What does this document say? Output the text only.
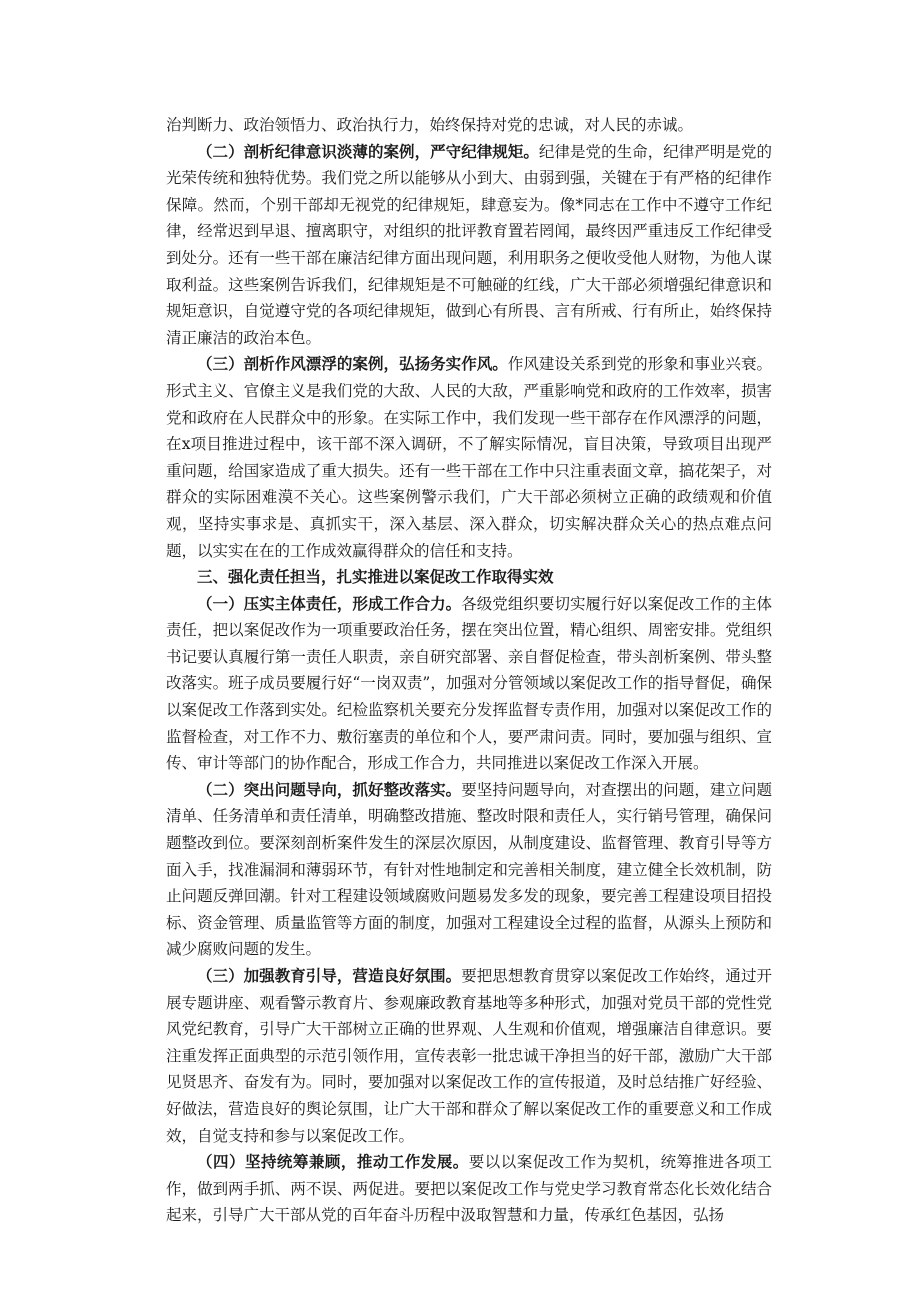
治判断力、政治领悟力、政治执行力，始终保持对党的忠诚，对人民的赤诚。

（二）剖析纪律意识淡薄的案例，严守纪律规矩。纪律是党的生命，纪律严明是党的光荣传统和独特优势。我们党之所以能够从小到大、由弱到强，关键在于有严格的纪律作保障。然而，个别干部却无视党的纪律规矩，肆意妄为。像*同志在工作中不遵守工作纪律，经常迟到早退、擅离职守，对组织的批评教育置若罔闻，最终因严重违反工作纪律受到处分。还有一些干部在廉洁纪律方面出现问题，利用职务之便收受他人财物，为他人谋取利益。这些案例告诉我们，纪律规矩是不可触碰的红线，广大干部必须增强纪律意识和规矩意识，自觉遵守党的各项纪律规矩，做到心有所畏、言有所戒、行有所止，始终保持清正廉洁的政治本色。

（三）剖析作风漂浮的案例，弘扬务实作风。作风建设关系到党的形象和事业兴衰。形式主义、官僚主义是我们党的大敌、人民的大敌，严重影响党和政府的工作效率，损害党和政府在人民群众中的形象。在实际工作中，我们发现一些干部存在作风漂浮的问题，在x项目推进过程中，该干部不深入调研，不了解实际情况，盲目决策，导致项目出现严重问题，给国家造成了重大损失。还有一些干部在工作中只注重表面文章，搞花架子，对群众的实际困难漠不关心。这些案例警示我们，广大干部必须树立正确的政绩观和价值观，坚持实事求是、真抓实干，深入基层、深入群众，切实解决群众关心的热点难点问题，以实实在在的工作成效赢得群众的信任和支持。

三、强化责任担当，扎实推进以案促改工作取得实效

（一）压实主体责任，形成工作合力。各级党组织要切实履行好以案促改工作的主体责任，把以案促改作为一项重要政治任务，摆在突出位置，精心组织、周密安排。党组织书记要认真履行第一责任人职责，亲自研究部署、亲自督促检查，带头剖析案例、带头整改落实。班子成员要履行好“一岗双责”，加强对分管领域以案促改工作的指导督促，确保以案促改工作落到实处。纪检监察机关要充分发挥监督专责作用，加强对以案促改工作的监督检查，对工作不力、敷衍塞责的单位和个人，要严肃问责。同时，要加强与组织、宣传、审计等部门的协作配合，形成工作合力，共同推进以案促改工作深入开展。

（二）突出问题导向，抓好整改落实。要坚持问题导向，对查摆出的问题，建立问题清单、任务清单和责任清单，明确整改措施、整改时限和责任人，实行销号管理，确保问题整改到位。要深刻剖析案件发生的深层次原因，从制度建设、监督管理、教育引导等方面入手，找准漏洞和薄弱环节，有针对性地制定和完善相关制度，建立健全长效机制，防止问题反弹回潮。针对工程建设领域腐败问题易发多发的现象，要完善工程建设项目招投标、资金管理、质量监管等方面的制度，加强对工程建设全过程的监督，从源头上预防和减少腐败问题的发生。

（三）加强教育引导，营造良好氛围。要把思想教育贯穿以案促改工作始终，通过开展专题讲座、观看警示教育片、参观廉政教育基地等多种形式，加强对党员干部的党性党风党纪教育，引导广大干部树立正确的世界观、人生观和价值观，增强廉洁自律意识。要注重发挥正面典型的示范引领作用，宣传表彰一批忠诚干净担当的好干部，激励广大干部见贤思齐、奋发有为。同时，要加强对以案促改工作的宣传报道，及时总结推广好经验、好做法，营造良好的舆论氛围，让广大干部和群众了解以案促改工作的重要意义和工作成效，自觉支持和参与以案促改工作。

（四）坚持统筹兼顾，推动工作发展。要以以案促改工作为契机，统筹推进各项工作，做到两手抓、两不误、两促进。要把以案促改工作与党史学习教育常态化长效化结合起来，引导广大干部从党的百年奋斗历程中汲取智慧和力量，传承红色基因，弘扬
